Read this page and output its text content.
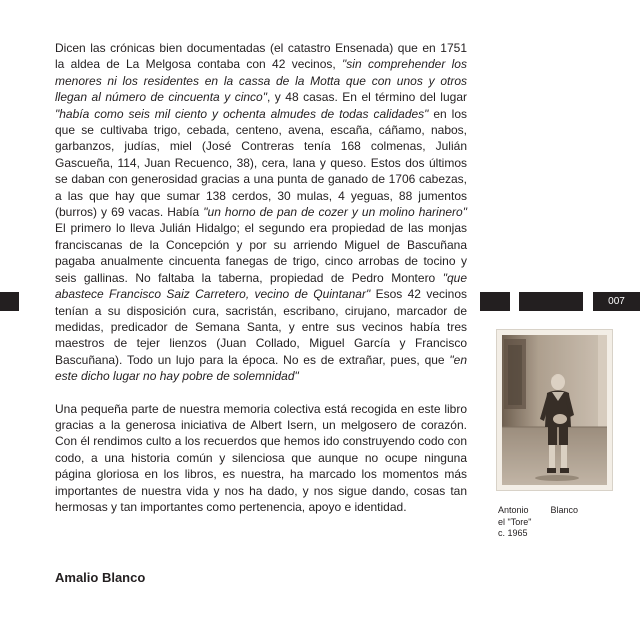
Dicen las crónicas bien documentadas (el catastro Ensenada) que en 1751 la aldea de La Melgosa contaba con 42 vecinos, "sin comprehender los menores ni los residentes en la cassa de la Motta que con unos y otros llegan al número de cincuenta y cinco", y 48 casas. En el término del lugar "había como seis mil ciento y ochenta almudes de todas calidades" en los que se cultivaba trigo, cebada, centeno, avena, escaña, cáñamo, nabos, garbanzos, judías, miel (José Contreras tenía 168 colmenas, Julián Gascueña, 114, Juan Recuenco, 38), cera, lana y queso. Estos dos últimos se daban con generosidad gracias a una punta de ganado de 1706 cabezas, a las que hay que sumar 138 cerdos, 30 mulas, 4 yeguas, 88 jumentos (burros) y 69 vacas. Había "un horno de pan de cozer y un molino harinero" El primero lo lleva Julián Hidalgo; el segundo era propiedad de las monjas franciscanas de la Concepción y por su arriendo Miguel de Bascuñana pagaba anualmente cincuenta fanegas de trigo, cinco arrobas de tocino y seis gallinas. No faltaba la taberna, propiedad de Pedro Montero "que abastece Francisco Saiz Carretero, vecino de Quintanar" Esos 42 vecinos tenían a su disposición cura, sacristán, escribano, cirujano, marcador de medidas, predicador de Semana Santa, y entre sus vecinos había tres maestros de tejer lienzos (Juan Collado, Miguel García y Francisco Bascuñana). Todo un lujo para la época. No es de extrañar, pues, que "en este dicho lugar no hay pobre de solemnidad"

Una pequeña parte de nuestra memoria colectiva está recogida en este libro gracias a la generosa iniciativa de Albert Isern, un melgosero de corazón. Con él rendimos culto a los recuerdos que hemos ido construyendo codo con codo, a una historia común y silenciosa que aunque no ocupe ninguna página gloriosa en los libros, es nuestra, ha marcado los momentos más importantes de nuestra vida y nos ha dado, y nos sigue dando, cosas tan hermosas y tan importantes como pertenencia, apoyo e identidad.

Amalio Blanco
007
Antonio Blanco
el "Tore"
c. 1965
